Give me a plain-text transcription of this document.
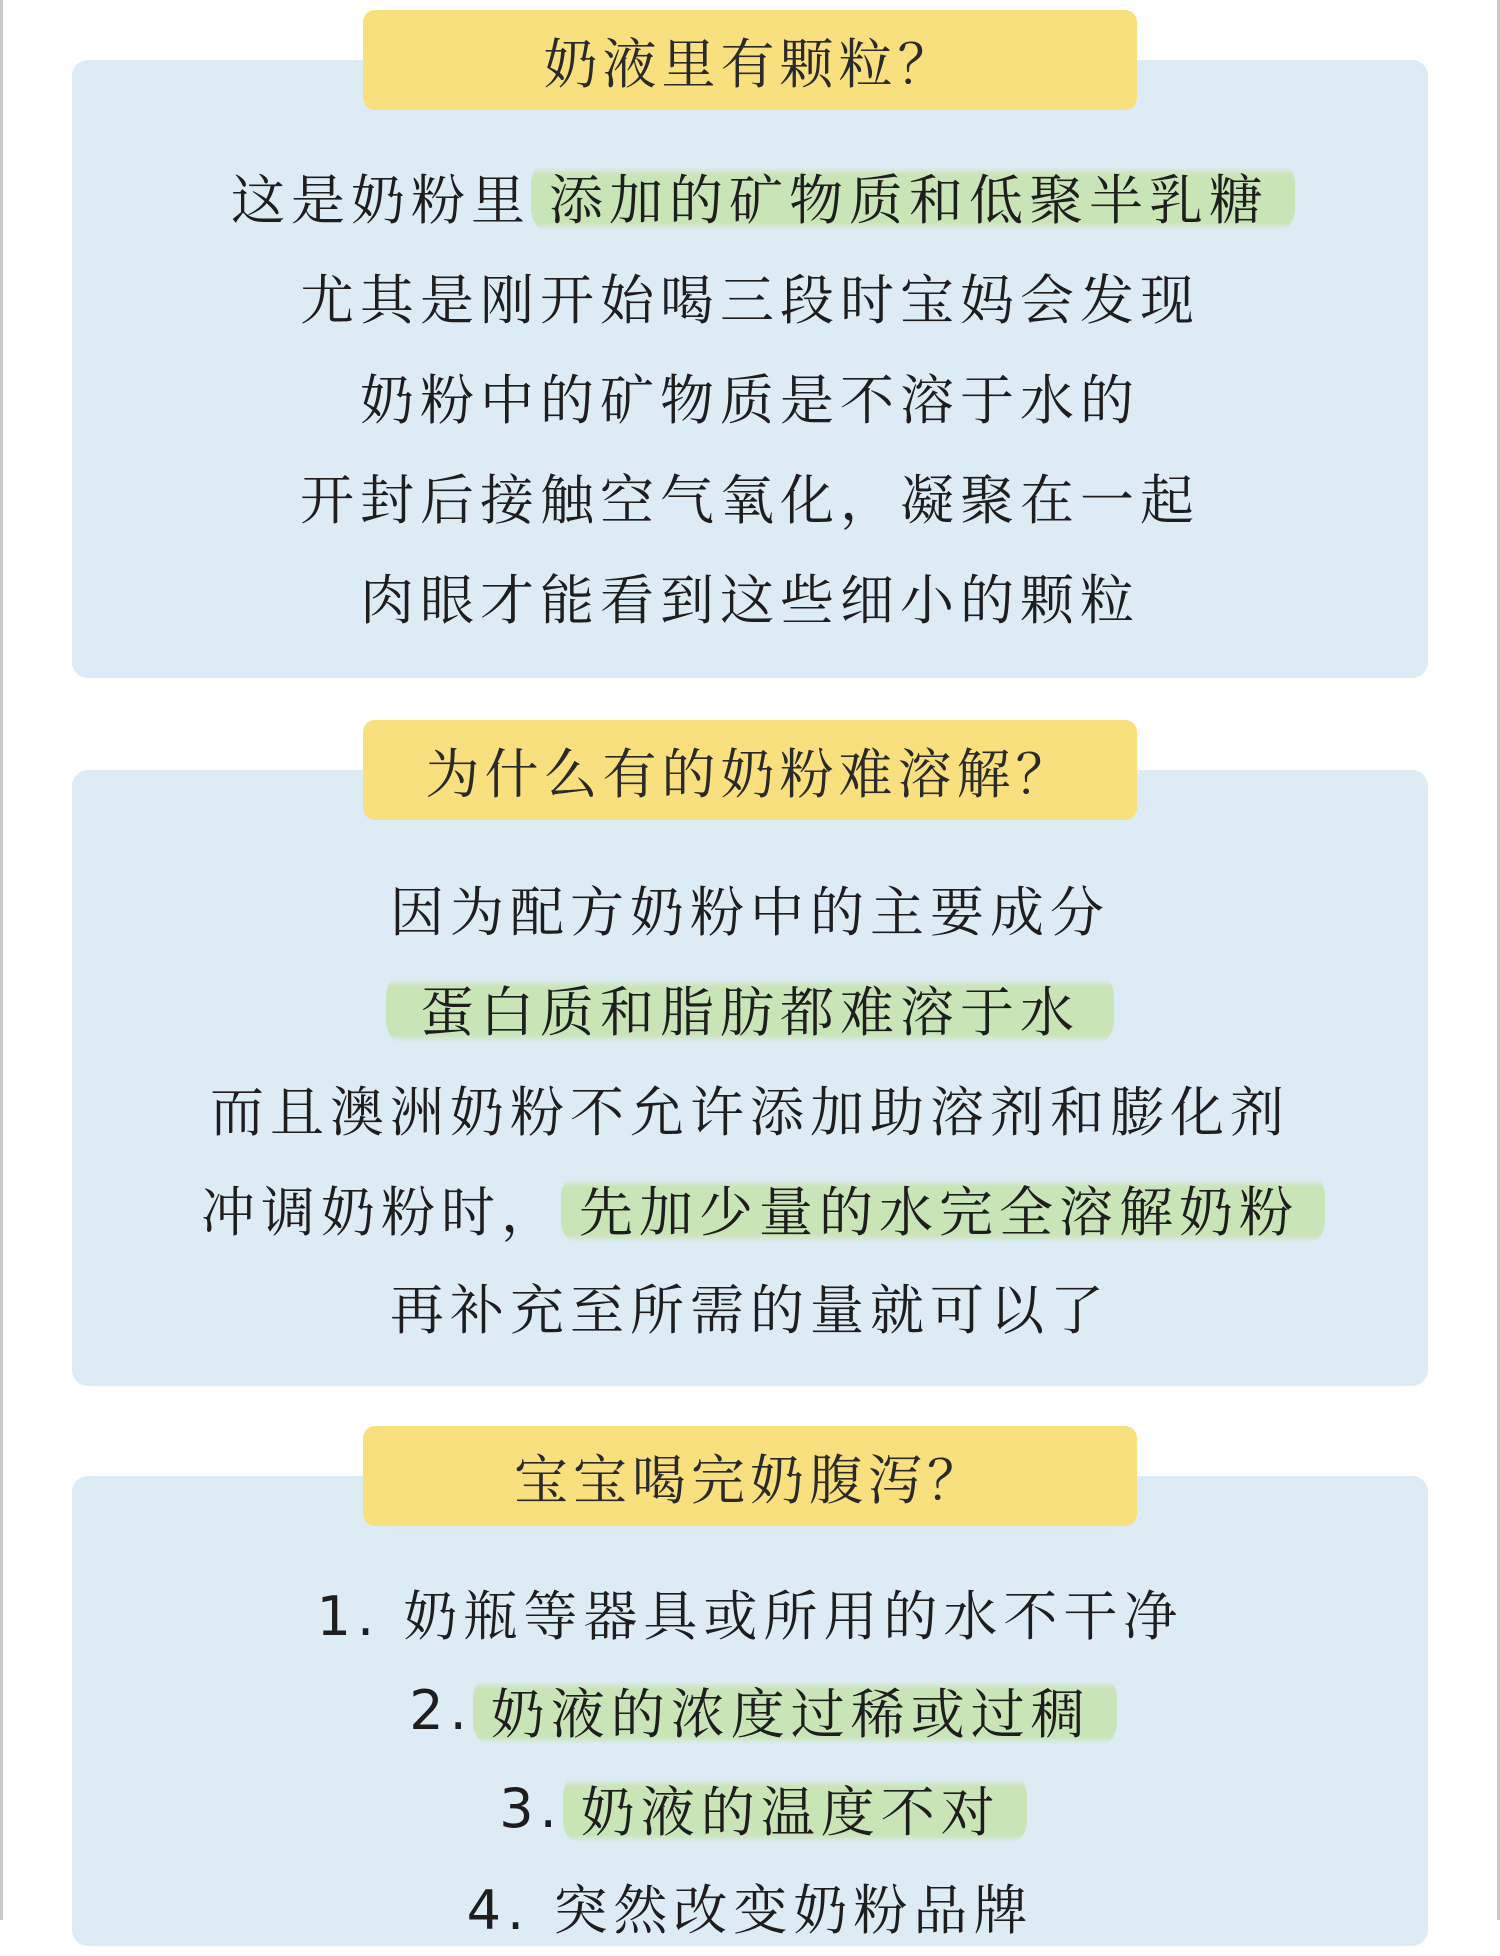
奶液里有颗粒？
这是奶粉里 添加的矿物质和低聚半乳糖
尤其是刚开始喝三段时宝妈会发现
奶粉中的矿物质是不溶于水的
开封后接触空气氧化，凝聚在一起
肉眼才能看到这些细小的颗粒
为什么有的奶粉难溶解？
因为配方奶粉中的主要成分
蛋白质和脂肪都难溶于水
而且澳洲奶粉不允许添加助溶剂和膨化剂
冲调奶粉时， 先加少量的水完全溶解奶粉
再补充至所需的量就可以了
宝宝喝完奶腹泻？
1. 奶瓶等器具或所用的水不干净
2. 奶液的浓度过稀或过稠
3. 奶液的温度不对
4. 突然改变奶粉品牌
